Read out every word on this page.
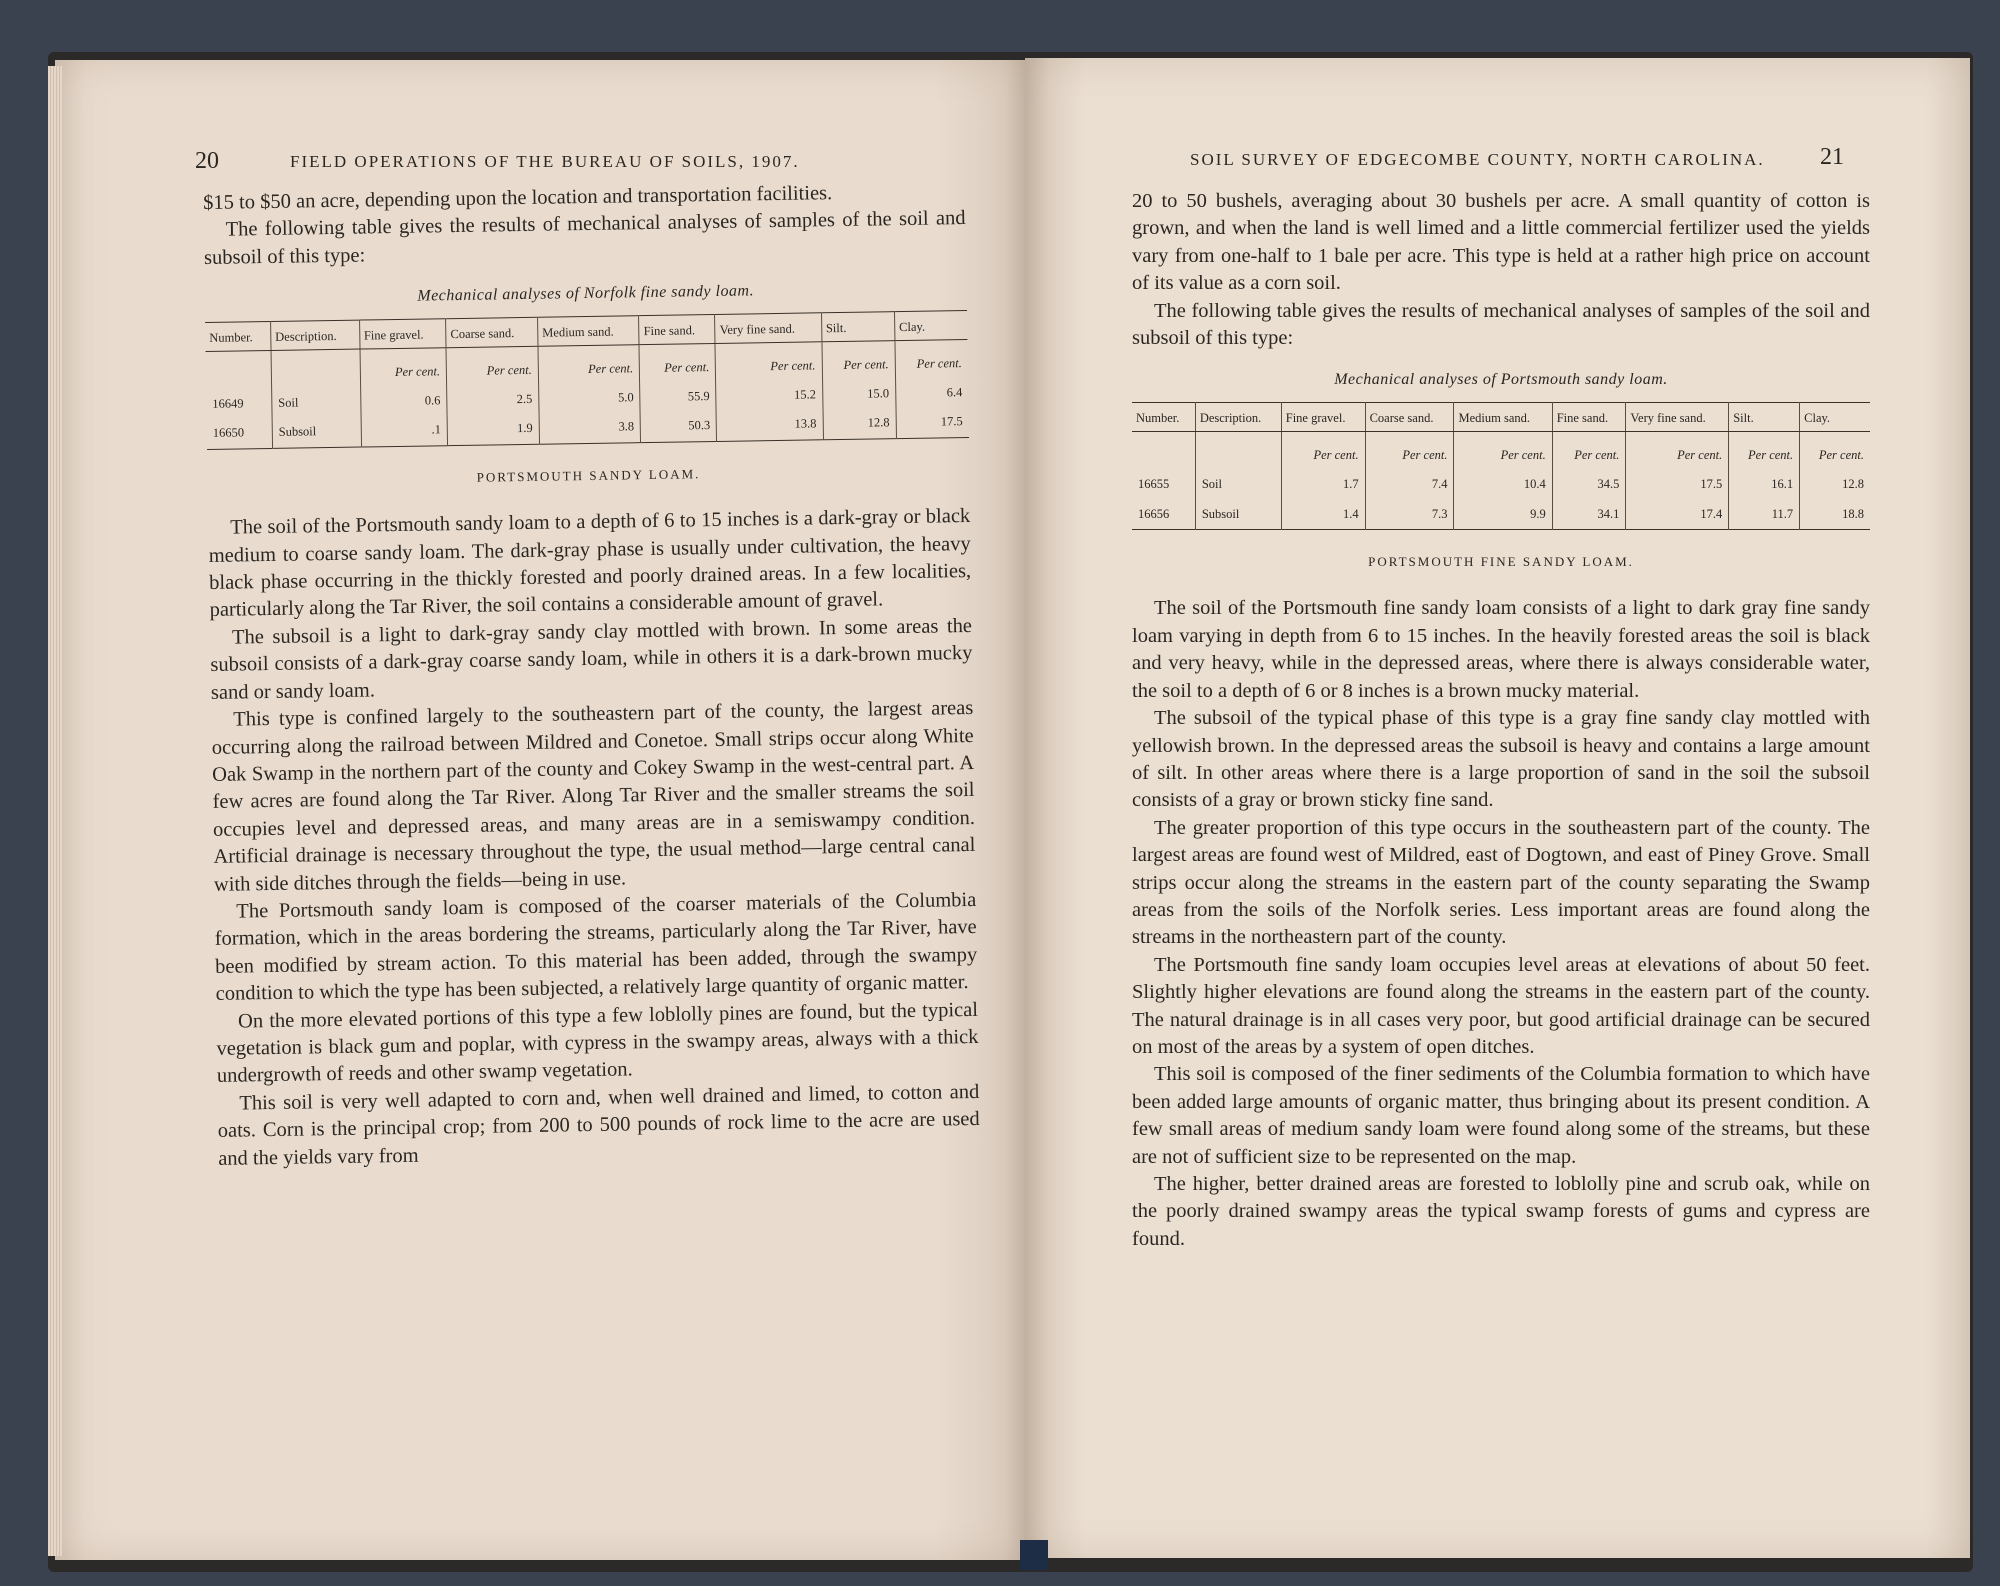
20	FIELD OPERATIONS OF THE BUREAU OF SOILS, 1907.

$15 to $50 an acre, depending upon the location and transportation facilities.

The following table gives the results of mechanical analyses of samples of the soil and subsoil of this type:

Mechanical analyses of Norfolk fine sandy loam.
Number.	Description.	Fine gravel.	Coarse sand.	Medium sand.	Fine sand.	Very fine sand.	Silt.	Clay.
		Per cent.	Per cent.	Per cent.	Per cent.	Per cent.	Per cent.	Per cent.
16649	Soil	0.6	2.5	5.0	55.9	15.2	15.0	6.4
16650	Subsoil	.1	1.9	3.8	50.3	13.8	12.8	17.5
PORTSMOUTH SANDY LOAM.

The soil of the Portsmouth sandy loam to a depth of 6 to 15 inches is a dark-gray or black medium to coarse sandy loam. The dark-gray phase is usually under cultivation, the heavy black phase occurring in the thickly forested and poorly drained areas. In a few localities, particularly along the Tar River, the soil contains a considerable amount of gravel.

The subsoil is a light to dark-gray sandy clay mottled with brown. In some areas the subsoil consists of a dark-gray coarse sandy loam, while in others it is a dark-brown mucky sand or sandy loam.

This type is confined largely to the southeastern part of the county, the largest areas occurring along the railroad between Mildred and Conetoe. Small strips occur along White Oak Swamp in the northern part of the county and Cokey Swamp in the west-central part. A few acres are found along the Tar River. Along Tar River and the smaller streams the soil occupies level and depressed areas, and many areas are in a semiswampy condition. Artificial drainage is necessary throughout the type, the usual method—large central canal with side ditches through the fields—being in use.

The Portsmouth sandy loam is composed of the coarser materials of the Columbia formation, which in the areas bordering the streams, particularly along the Tar River, have been modified by stream action. To this material has been added, through the swampy condition to which the type has been subjected, a relatively large quantity of organic matter.

On the more elevated portions of this type a few loblolly pines are found, but the typical vegetation is black gum and poplar, with cypress in the swampy areas, always with a thick undergrowth of reeds and other swamp vegetation.

This soil is very well adapted to corn and, when well drained and limed, to cotton and oats. Corn is the principal crop; from 200 to 500 pounds of rock lime to the acre are used and the yields vary from

SOIL SURVEY OF EDGECOMBE COUNTY, NORTH CAROLINA. 21

20 to 50 bushels, averaging about 30 bushels per acre. A small quantity of cotton is grown, and when the land is well limed and a little commercial fertilizer used the yields vary from one-half to 1 bale per acre. This type is held at a rather high price on account of its value as a corn soil.

The following table gives the results of mechanical analyses of samples of the soil and subsoil of this type:

Mechanical analyses of Portsmouth sandy loam.
Number.	Description.	Fine gravel.	Coarse sand.	Medium sand.	Fine sand.	Very fine sand.	Silt.	Clay.
		Per cent.	Per cent.	Per cent.	Per cent.	Per cent.	Per cent.	Per cent.
16655	Soil	1.7	7.4	10.4	34.5	17.5	16.1	12.8
16656	Subsoil	1.4	7.3	9.9	34.1	17.4	11.7	18.8
PORTSMOUTH FINE SANDY LOAM.

The soil of the Portsmouth fine sandy loam consists of a light to dark gray fine sandy loam varying in depth from 6 to 15 inches. In the heavily forested areas the soil is black and very heavy, while in the depressed areas, where there is always considerable water, the soil to a depth of 6 or 8 inches is a brown mucky material.

The subsoil of the typical phase of this type is a gray fine sandy clay mottled with yellowish brown. In the depressed areas the subsoil is heavy and contains a large amount of silt. In other areas where there is a large proportion of sand in the soil the subsoil consists of a gray or brown sticky fine sand.

The greater proportion of this type occurs in the southeastern part of the county. The largest areas are found west of Mildred, east of Dogtown, and east of Piney Grove. Small strips occur along the streams in the eastern part of the county separating the Swamp areas from the soils of the Norfolk series. Less important areas are found along the streams in the northeastern part of the county.

The Portsmouth fine sandy loam occupies level areas at elevations of about 50 feet. Slightly higher elevations are found along the streams in the eastern part of the county. The natural drainage is in all cases very poor, but good artificial drainage can be secured on most of the areas by a system of open ditches.

This soil is composed of the finer sediments of the Columbia formation to which have been added large amounts of organic matter, thus bringing about its present condition. A few small areas of medium sandy loam were found along some of the streams, but these are not of sufficient size to be represented on the map.

The higher, better drained areas are forested to loblolly pine and scrub oak, while on the poorly drained swampy areas the typical swamp forests of gums and cypress are found.
